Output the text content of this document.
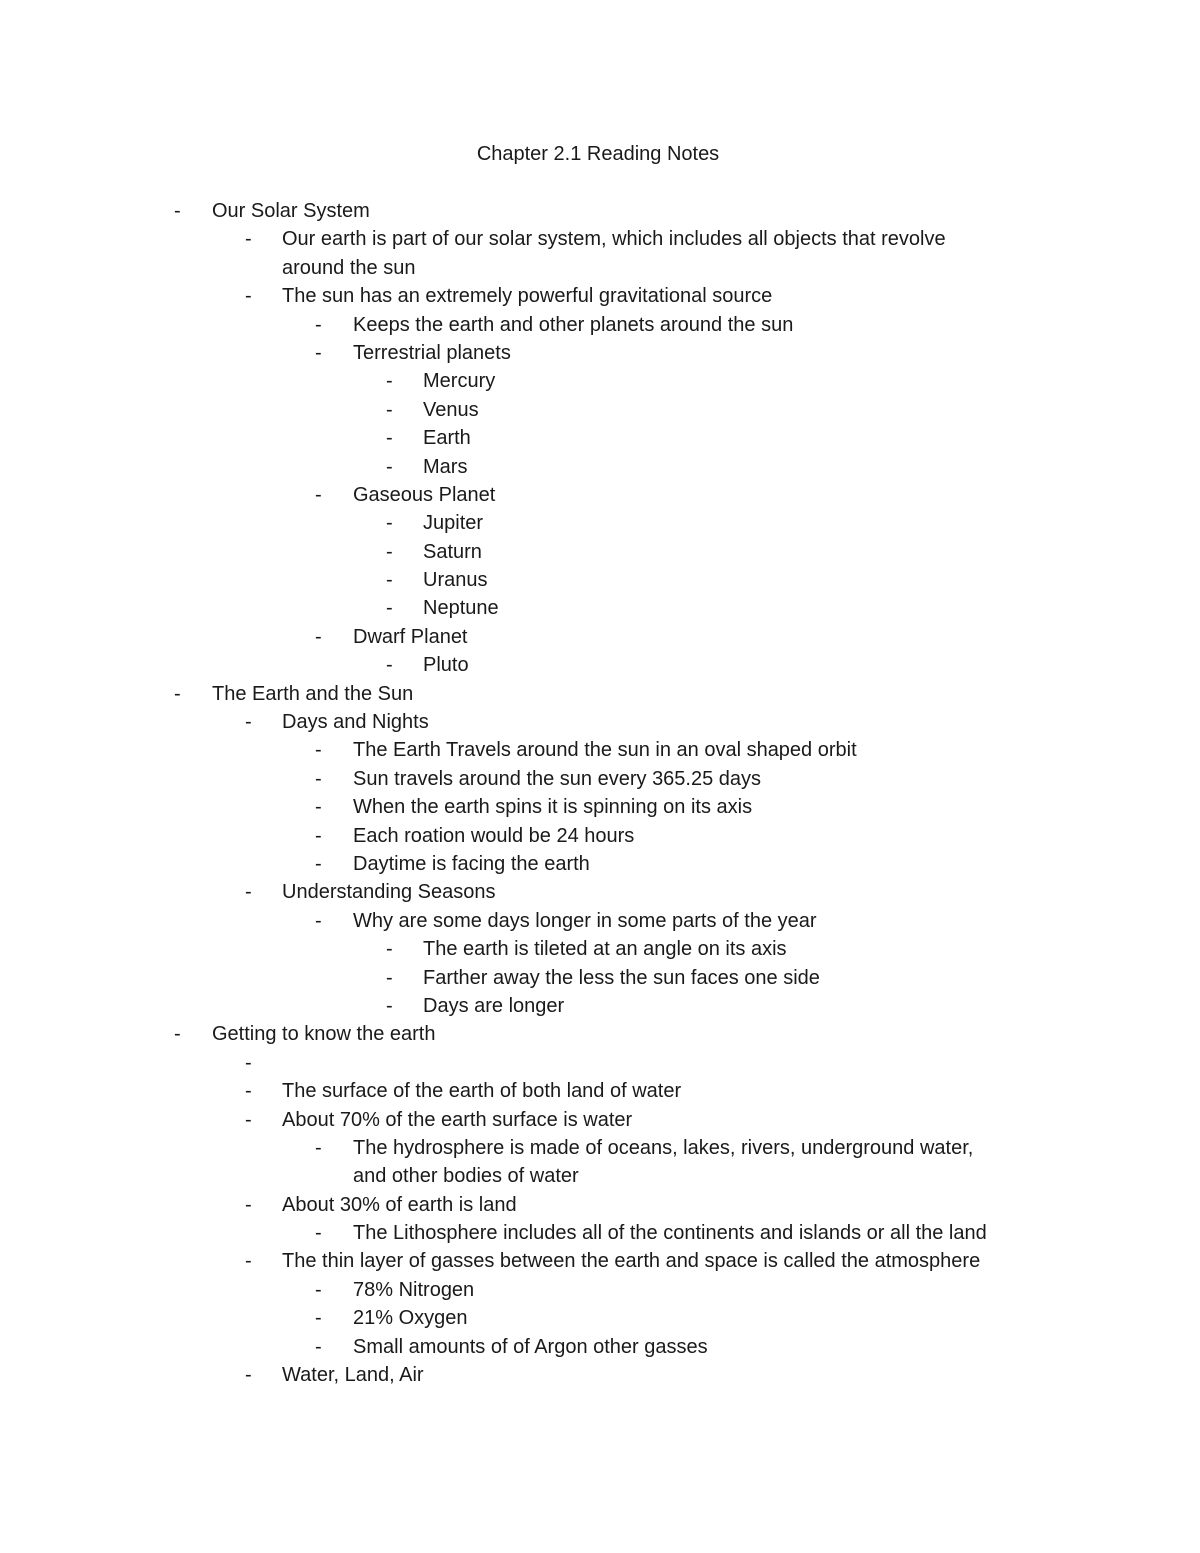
Chapter 2.1 Reading Notes
- Our Solar System
- Our earth is part of our solar system, which includes all objects that revolve
around the sun
- The sun has an extremely powerful gravitational source
- Keeps the earth and other planets around the sun
- Terrestrial planets
- Mercury
- Venus
- Earth
- Mars
- Gaseous Planet
- Jupiter
- Saturn
- Uranus
- Neptune
- Dwarf Planet
- Pluto
- The Earth and the Sun
- Days and Nights
- The Earth Travels around the sun in an oval shaped orbit
- Sun travels around the sun every 365.25 days
- When the earth spins it is spinning on its axis
- Each roation would be 24 hours
- Daytime is facing the earth
- Understanding Seasons
- Why are some days longer in some parts of the year
- The earth is tileted at an angle on its axis
- Farther away the less the sun faces one side
- Days are longer
- Getting to know the earth
-
- The surface of the earth of both land of water
- About 70% of the earth surface is water
- The hydrosphere is made of oceans, lakes, rivers, underground water,
and other bodies of water
- About 30% of earth is land
- The Lithosphere includes all of the continents and islands or all the land
- The thin layer of gasses between the earth and space is called the atmosphere
- 78% Nitrogen
- 21% Oxygen
- Small amounts of of Argon other gasses
- Water, Land, Air
